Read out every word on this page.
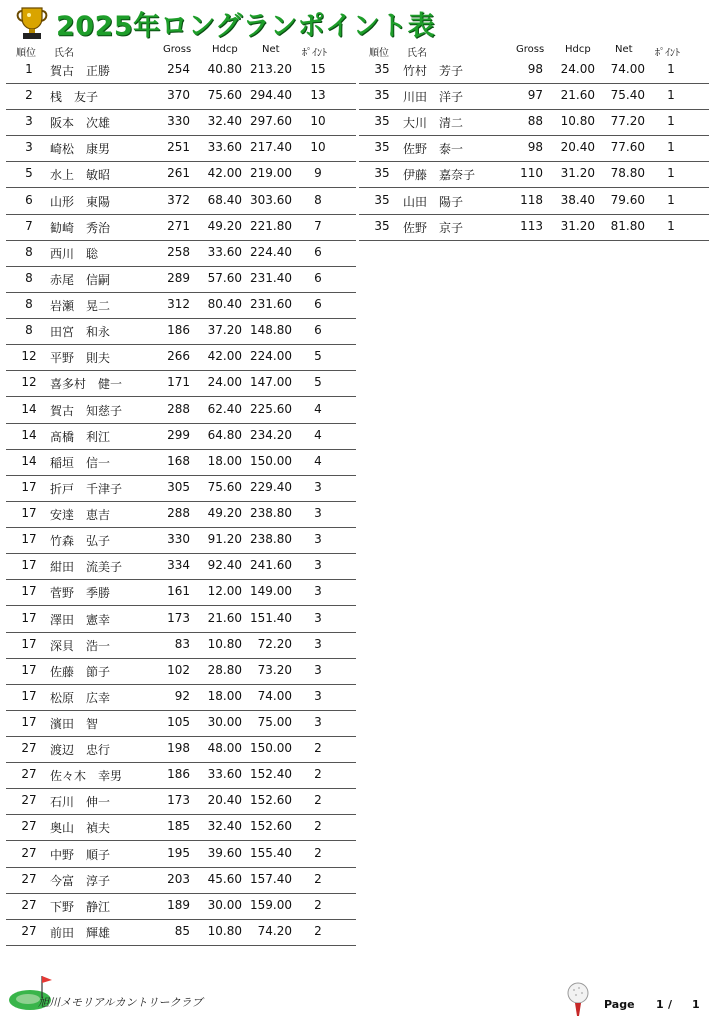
2025年ロングランポイント表
順位 氏名	Gross Hdcp Net ﾎﾟｲﾝﾄ	順位 氏名	Gross Hdcp Net ﾎﾟｲﾝﾄ
1	賀古　正勝	254	40.80 213.20	15
2	桟　友子	370	75.60 294.40	13
3	阪本　次雄	330	32.40 297.60	10
3	崎松　康男	251	33.60 217.40	10
5	水上　敏昭	261	42.00 219.00	9
6	山形　東陽	372	68.40 303.60	8
7	勧崎　秀治	271	49.20 221.80	7
8	西川　聡	258	33.60 224.40	6
8	赤尾　信嗣	289	57.60 231.40	6
8	岩瀬　晃二	312	80.40 231.60	6
8	田宮　和永	186	37.20 148.80	6
12	平野　則夫	266	42.00 224.00	5
12	喜多村　健一	171	24.00 147.00	5
14	賀古　知慈子	288	62.40 225.60	4
14	髙橋　利江	299	64.80 234.20	4
14	稲垣　信一	168	18.00 150.00	4
17	折戸　千津子	305	75.60 229.40	3
17	安達　恵吉	288	49.20 238.80	3
17	竹森　弘子	330	91.20 238.80	3
17	紺田　流美子	334	92.40 241.60	3
17	菅野　季勝	161	12.00 149.00	3
17	澤田　憲幸	173	21.60 151.40	3
17	深貝　浩一	83	10.80	72.20	3
17	佐藤　節子	102	28.80	73.20	3
17	松原　広幸	92	18.00	74.00	3
17	濱田　智	105	30.00	75.00	3
27	渡辺　忠行	198	48.00 150.00	2
27	佐々木　幸男	186	33.60 152.40	2
27	石川　伸一	173	20.40 152.60	2
27	奥山　禎夫	185	32.40 152.60	2
27	中野　順子	195	39.60 155.40	2
27	今富　淳子	203	45.60 157.40	2
27	下野　静江	189	30.00 159.00	2
27	前田　輝雄	85	10.80	74.20	2
35	竹村　芳子	98	24.00	74.00	1
35	川田　洋子	97	21.60	75.40	1
35	大川　清二	88	10.80	77.20	1
35	佐野　泰一	98	20.40	77.60	1
35	伊藤　嘉奈子	110	31.20	78.80	1
35	山田　陽子	118	38.40	79.60	1
35	佐野　京子	113	31.20	81.80	1
旭川メモリアルカントリークラブ	Page 1 / 1
